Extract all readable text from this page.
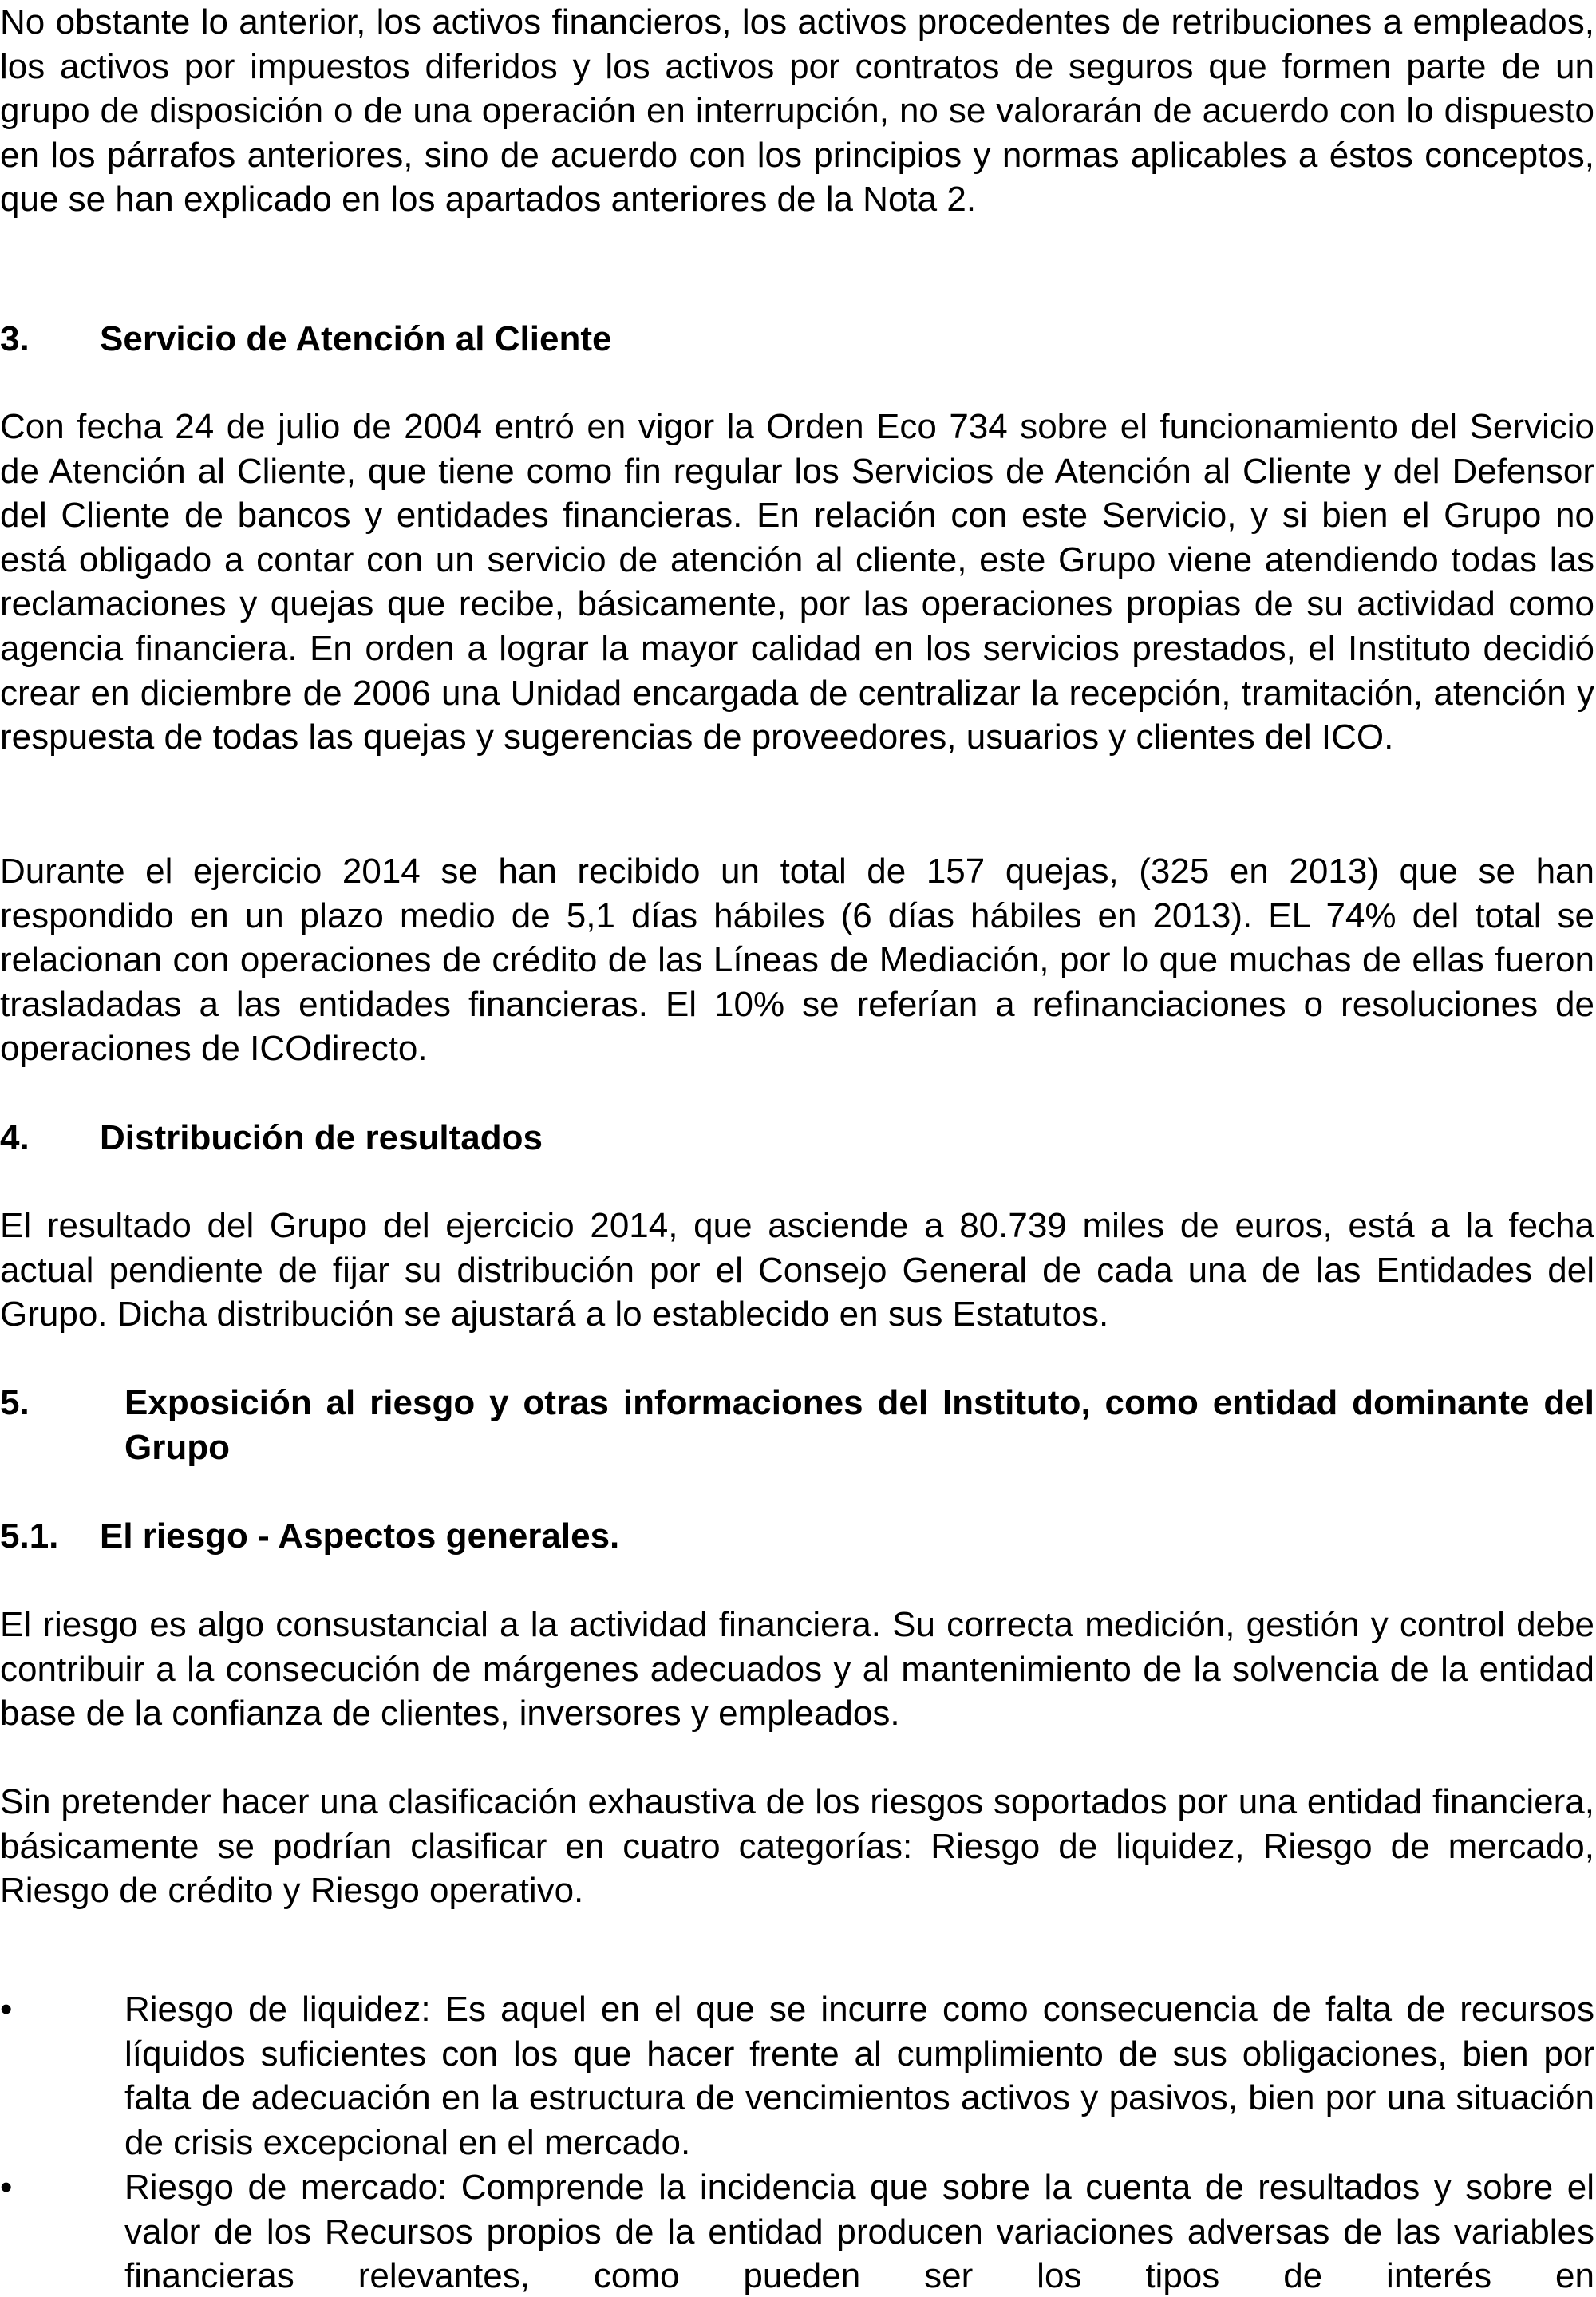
No obstante lo anterior, los activos financieros, los activos procedentes de retribuciones a empleados, los activos por impuestos diferidos y los activos por contratos de seguros que formen parte de un grupo de disposición o de una operación en interrupción, no se valorarán de acuerdo con lo dispuesto en los párrafos anteriores, sino de acuerdo con los principios y normas aplicables a éstos conceptos, que se han explicado en los apartados anteriores de la Nota 2.

3. Servicio de Atención al Cliente

Con fecha 24 de julio de 2004 entró en vigor la Orden Eco 734 sobre el funcionamiento del Servicio de Atención al Cliente, que tiene como fin regular los Servicios de Atención al Cliente y del Defensor del Cliente de bancos y entidades financieras. En relación con este Servicio, y si bien el Grupo no está obligado a contar con un servicio de atención al cliente, este Grupo viene atendiendo todas las reclamaciones y quejas que recibe, básicamente, por las operaciones propias de su actividad como agencia financiera. En orden a lograr la mayor calidad en los servicios prestados, el Instituto decidió crear en diciembre de 2006 una Unidad encargada de centralizar la recepción, tramitación, atención y respuesta de todas las quejas y sugerencias de proveedores, usuarios y clientes del ICO.

Durante el ejercicio 2014 se han recibido un total de 157 quejas, (325 en 2013) que se han respondido en un plazo medio de 5,1 días hábiles (6 días hábiles en 2013). EL 74% del total se relacionan con operaciones de crédito de las Líneas de Mediación, por lo que muchas de ellas fueron trasladadas a las entidades financieras. El 10% se referían a refinanciaciones o resoluciones de operaciones de ICOdirecto.

4. Distribución de resultados

El resultado del Grupo del ejercicio 2014, que asciende a 80.739 miles de euros, está a la fecha actual pendiente de fijar su distribución por el Consejo General de cada una de las Entidades del Grupo. Dicha distribución se ajustará a lo establecido en sus Estatutos.

5.	Exposición al riesgo y otras informaciones del Instituto, como entidad dominante del Grupo
5.1. El riesgo - Aspectos generales.

El riesgo es algo consustancial a la actividad financiera. Su correcta medición, gestión y control debe contribuir a la consecución de márgenes adecuados y al mantenimiento de la solvencia de la entidad base de la confianza de clientes, inversores y empleados.

Sin pretender hacer una clasificación exhaustiva de los riesgos soportados por una entidad financiera, básicamente se podrían clasificar en cuatro categorías: Riesgo de liquidez, Riesgo de mercado, Riesgo de crédito y Riesgo operativo.

•	Riesgo de liquidez: Es aquel en el que se incurre como consecuencia de falta de recursos líquidos suficientes con los que hacer frente al cumplimiento de sus obligaciones, bien por falta de adecuación en la estructura de vencimientos activos y pasivos, bien por una situación de crisis excepcional en el mercado.
•	Riesgo de mercado: Comprende la incidencia que sobre la cuenta de resultados y sobre el valor de los Recursos propios de la entidad producen variaciones adversas de las variables financieras relevantes, como pueden ser los tipos de interés en
